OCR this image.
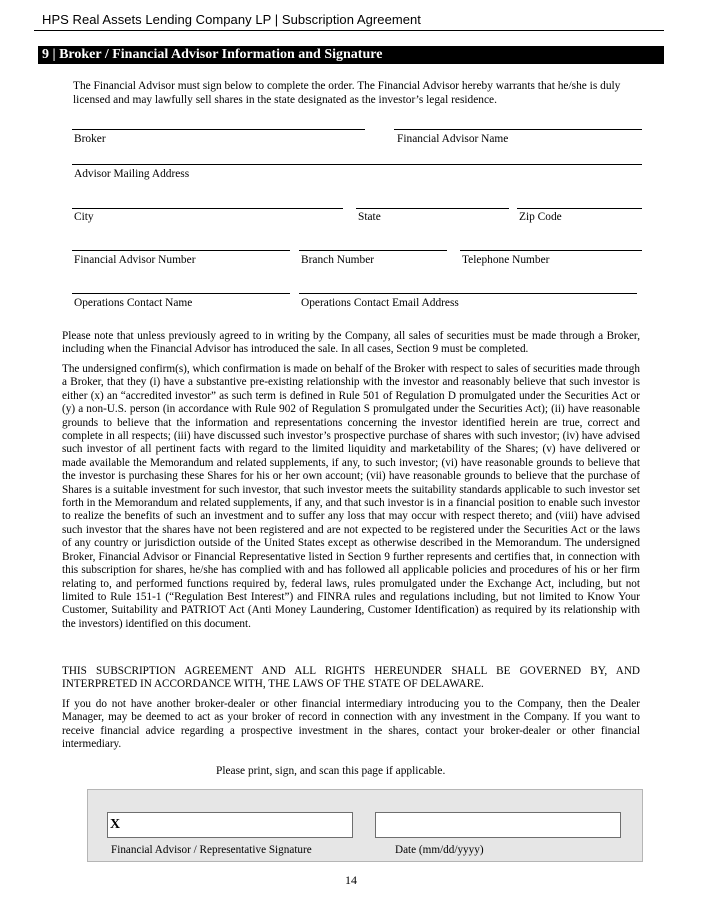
HPS Real Assets Lending Company LP | Subscription Agreement
9 | Broker / Financial Advisor Information and Signature
The Financial Advisor must sign below to complete the order. The Financial Advisor hereby warrants that he/she is duly licensed and may lawfully sell shares in the state designated as the investor’s legal residence.
Broker	Financial Advisor Name
Advisor Mailing Address
City	State	Zip Code
Financial Advisor Number	Branch Number	Telephone Number
Operations Contact Name	Operations Contact Email Address
Please note that unless previously agreed to in writing by the Company, all sales of securities must be made through a Broker, including when the Financial Advisor has introduced the sale. In all cases, Section 9 must be completed.
The undersigned confirm(s), which confirmation is made on behalf of the Broker with respect to sales of securities made through a Broker, that they (i) have a substantive pre-existing relationship with the investor and reasonably believe that such investor is either (x) an “accredited investor” as such term is defined in Rule 501 of Regulation D promulgated under the Securities Act or (y) a non-U.S. person (in accordance with Rule 902 of Regulation S promulgated under the Securities Act); (ii) have reasonable grounds to believe that the information and representations concerning the investor identified herein are true, correct and complete in all respects; (iii) have discussed such investor’s prospective purchase of shares with such investor; (iv) have advised such investor of all pertinent facts with regard to the limited liquidity and marketability of the Shares; (v) have delivered or made available the Memorandum and related supplements, if any, to such investor; (vi) have reasonable grounds to believe that the investor is purchasing these Shares for his or her own account; (vii) have reasonable grounds to believe that the purchase of Shares is a suitable investment for such investor, that such investor meets the suitability standards applicable to such investor set forth in the Memorandum and related supplements, if any, and that such investor is in a financial position to enable such investor to realize the benefits of such an investment and to suffer any loss that may occur with respect thereto; and (viii) have advised such investor that the shares have not been registered and are not expected to be registered under the Securities Act or the laws of any country or jurisdiction outside of the United States except as otherwise described in the Memorandum. The undersigned Broker, Financial Advisor or Financial Representative listed in Section 9 further represents and certifies that, in connection with this subscription for shares, he/she has complied with and has followed all applicable policies and procedures of his or her firm relating to, and performed functions required by, federal laws, rules promulgated under the Exchange Act, including, but not limited to Rule 151-1 (“Regulation Best Interest”) and FINRA rules and regulations including, but not limited to Know Your Customer, Suitability and PATRIOT Act (Anti Money Laundering, Customer Identification) as required by its relationship with the investors) identified on this document.
THIS SUBSCRIPTION AGREEMENT AND ALL RIGHTS HEREUNDER SHALL BE GOVERNED BY, AND INTERPRETED IN ACCORDANCE WITH, THE LAWS OF THE STATE OF DELAWARE.
If you do not have another broker-dealer or other financial intermediary introducing you to the Company, then the Dealer Manager, may be deemed to act as your broker of record in connection with any investment in the Company. If you want to receive financial advice regarding a prospective investment in the shares, contact your broker-dealer or other financial intermediary.
Please print, sign, and scan this page if applicable.
X
Financial Advisor / Representative Signature	Date (mm/dd/yyyy)
14
